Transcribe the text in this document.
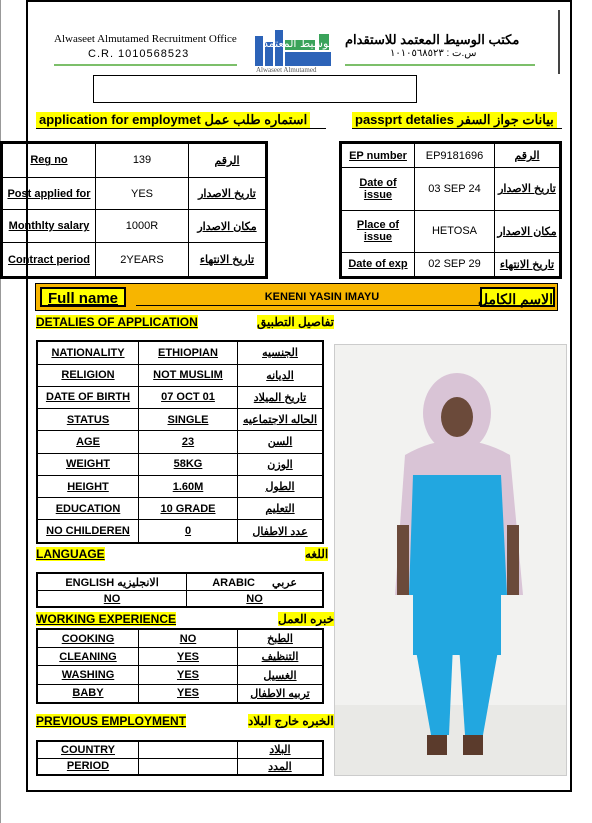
Alwaseet Almutamed Recruitment Office
C.R. 1010568523
مكتب الوسيط المعتمد للاستقدام
س.ت : ١٠١٠٥٦٨٥٢٣
الوسيط المعتمد
Alwaseet Almutamed
application for employmet استماره طلب عمل	passprt detalies بيانات جواز السفر
Reg no	139	الرقم
Post applied for	YES	تاريخ الاصدار
Monthlty salary	1000R	مكان الاصدار
Contract period	2YEARS	تاريخ الانتهاء
EP number	EP9181696	الرقم
Date of issue	03 SEP 24	تاريخ الاصدار
Place of issue	HETOSA	مكان الاصدار
Date of exp	02 SEP 29	تاريخ الانتهاء
Full name	KENENI YASIN IMAYU	الاسم الكامل
DETALIES OF APPLICATION	تفاصيل التطبيق
NATIONALITY	ETHIOPIAN	الجنسيه
RELIGION	NOT MUSLIM	الديانه
DATE OF BIRTH	07 OCT 01	تاريخ الميلاد
STATUS	SINGLE	الحاله الاجتماعيه
AGE	23	السن
WEIGHT	58KG	الوزن
HEIGHT	1.60M	الطول
EDUCATION	10 GRADE	التعليم
NO CHILDEREN	0	عدد الاطفال
LANGUAGE	اللغه
ENGLISH الانجليزيه	ARABIC عربي
NO	NO
WORKING EXPERIENCE	خبره العمل
COOKING	NO	الطبخ
CLEANING	YES	التنظيف
WASHING	YES	الغسيل
BABY	YES	تربيه الاطفال
PREVIOUS EMPLOYMENT	الخبره خارج البلاد
COUNTRY		البلاد
PERIOD		المدد
